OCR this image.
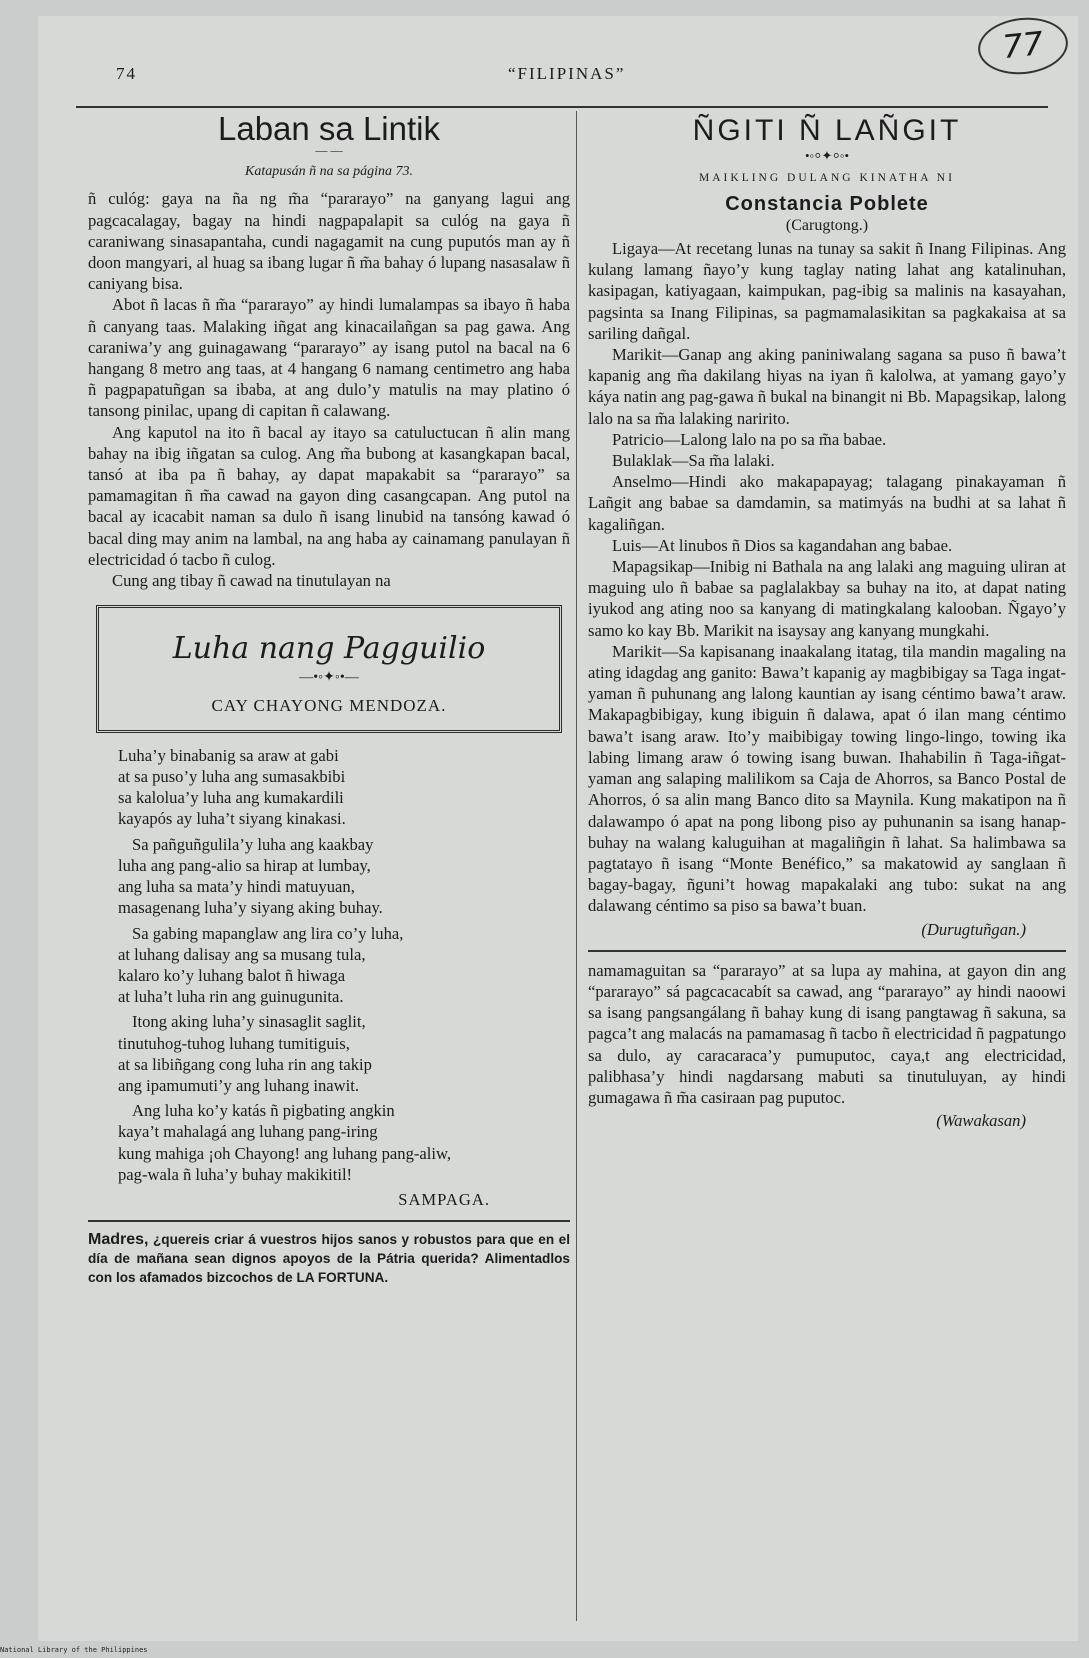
74	“FILIPINAS”
77
Laban sa Lintik
— —
Katapusán ñ na sa página 73.

ñ culóg: gaya na ña ng m̃a “pararayo” na ganyang lagui ang pagcacalagay, bagay na hindi nagpapalapit sa culóg na gaya ñ caraniwang sinasapantaha, cundi nagagamit na cung puputós man ay ñ doon mangyari, al huag sa ibang lugar ñ m̃a bahay ó lupang nasasalaw ñ caniyang bisa.

Abot ñ lacas ñ m̃a “pararayo” ay hindi lumalampas sa ibayo ñ haba ñ canyang taas. Malaking iñgat ang kinacailañgan sa pag gawa. Ang caraniwa’y ang guinagawang “pararayo” ay isang putol na bacal na 6 hangang 8 metro ang taas, at 4 hangang 6 namang centimetro ang haba ñ pagpapatuñgan sa ibaba, at ang dulo’y matulis na may platino ó tansong pinilac, upang di capitan ñ calawang.

Ang kaputol na ito ñ bacal ay itayo sa catuluctucan ñ alin mang bahay na ibig iñgatan sa culog. Ang m̃a bubong at kasangkapan bacal, tansó at iba pa ñ bahay, ay dapat mapakabit sa “pararayo” sa pamamagitan ñ m̃a cawad na gayon ding casangcapan. Ang putol na bacal ay icacabit naman sa dulo ñ isang linubid na tansóng kawad ó bacal ding may anim na lambal, na ang haba ay cainamang panulayan ñ electricidad ó tacbo ñ culog.

Cung ang tibay ñ cawad na tinutulayan na

Luha nang Pagguilio
—•◦✦◦•—
CAY CHAYONG MENDOZA.
Luha’y binabanig sa araw at gabi
at sa puso’y luha ang sumasakbibi
sa kalolua’y luha ang kumakardili
kayapós ay luha’t siyang kinakasi.
Sa pañguñgulila’y luha ang kaakbay
luha ang pang-alio sa hirap at lumbay,
ang luha sa mata’y hindi matuyuan,
masagenang luha’y siyang aking buhay.
Sa gabing mapanglaw ang lira co’y luha,
at luhang dalisay ang sa musang tula,
kalaro ko’y luhang balot ñ hiwaga
at luha’t luha rin ang guinugunita.
Itong aking luha’y sinasaglit saglit,
tinutuhog-tuhog luhang tumitiguis,
at sa libiñgang cong luha rin ang takip
ang ipamumuti’y ang luhang inawit.
Ang luha ko’y katás ñ pigbating angkin
kaya’t mahalagá ang luhang pang-iring
kung mahiga ¡oh Chayong! ang luhang pang-aliw,
pag-wala ñ luha’y buhay makikitil!
SAMPAGA.
Madres, ¿quereis criar á vuestros hijos sanos y robustos para que en el día de mañana sean dignos apoyos de la Pátria querida? Alimentadlos con los afamados bizcochos de LA FORTUNA.
ÑGITI Ñ LAÑGIT
•◦⸰✦⸰◦•
MAIKLING DULANG KINATHA NI
Constancia Poblete
(Carugtong.)

Ligaya—At recetang lunas na tunay sa sakit ñ Inang Filipinas. Ang kulang lamang ñayo’y kung taglay nating lahat ang katalinuhan, kasipagan, katiyagaan, kaimpukan, pag-ibig sa malinis na kasayahan, pagsinta sa Inang Filipinas, sa pagmamalasikitan sa pagkakaisa at sa sariling dañgal.

Marikit—Ganap ang aking paniniwalang sagana sa puso ñ bawa’t kapanig ang m̃a dakilang hiyas na iyan ñ kalolwa, at yamang gayo’y káya natin ang pag-gawa ñ bukal na binangit ni Bb. Mapagsikap, lalong lalo na sa m̃a lalaking naririto.

Patricio—Lalong lalo na po sa m̃a babae.

Bulaklak—Sa m̃a lalaki.

Anselmo—Hindi ako makapapayag; talagang pinakayaman ñ Lañgit ang babae sa damdamin, sa matimyás na budhi at sa lahat ñ kagaliñgan.

Luis—At linubos ñ Dios sa kagandahan ang babae.

Mapagsikap—Inibig ni Bathala na ang lalaki ang maguing uliran at maguing ulo ñ babae sa paglalakbay sa buhay na ito, at dapat nating iyukod ang ating noo sa kanyang di matingkalang kalooban. Ñgayo’y samo ko kay Bb. Marikit na isaysay ang kanyang mungkahi.

Marikit—Sa kapisanang inaakalang itatag, tila mandin magaling na ating idagdag ang ganito: Bawa’t kapanig ay magbibigay sa Taga ingat-yaman ñ puhunang ang lalong kauntian ay isang céntimo bawa’t araw. Makapagbibigay, kung ibiguin ñ dalawa, apat ó ilan mang céntimo bawa’t isang araw. Ito’y maibibigay towing lingo-lingo, towing ika labing limang araw ó towing isang buwan. Ihahabilin ñ Taga-iñgat-yaman ang salaping malilikom sa Caja de Ahorros, sa Banco Postal de Ahorros, ó sa alin mang Banco dito sa Maynila. Kung makatipon na ñ dalawampo ó apat na pong libong piso ay puhunanin sa isang hanap-buhay na walang kaluguihan at magaliñgin ñ lahat. Sa halimbawa sa pagtatayo ñ isang “Monte Benéfico,” sa makatowid ay sanglaan ñ bagay-bagay, ñguni’t howag mapakalaki ang tubo: sukat na ang dalawang céntimo sa piso sa bawa’t buan.

(Durugtuñgan.)

namamaguitan sa “pararayo” at sa lupa ay mahina, at gayon din ang “pararayo” sá pagcacacabít sa cawad, ang “pararayo” ay hindi naoowi sa isang pangsangálang ñ bahay kung di isang pangtawag ñ sakuna, sa pagca’t ang malacás na pamamasag ñ tacbo ñ electricidad ñ pagpatungo sa dulo, ay caracaraca’y pumuputoc, caya,t ang electricidad, palibhasa’y hindi nagdarsang mabuti sa tinutuluyan, ay hindi gumagawa ñ m̃a casiraan pag puputoc.

(Wawakasan)
National Library of the Philippines
